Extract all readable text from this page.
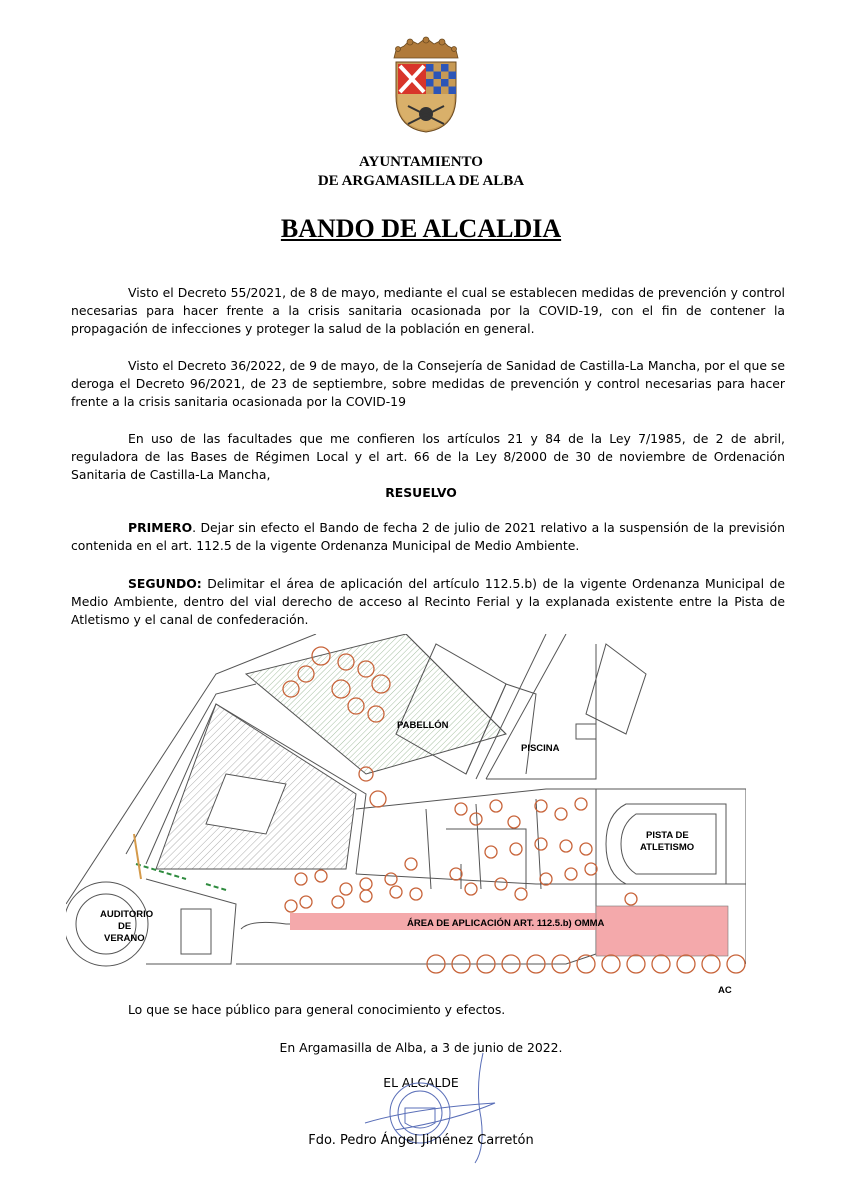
AYUNTAMIENTO
DE ARGAMASILLA DE ALBA
BANDO DE ALCALDIA
Visto el Decreto 55/2021, de 8 de mayo, mediante el cual se establecen medidas de prevención y control necesarias para hacer frente a la crisis sanitaria ocasionada por la COVID-19, con el fin de contener la propagación de infecciones y proteger la salud de la población en general.
Visto el Decreto 36/2022, de 9 de mayo, de la Consejería de Sanidad de Castilla-La Mancha, por el que se deroga el Decreto 96/2021, de 23 de septiembre, sobre medidas de prevención y control necesarias para hacer frente a la crisis sanitaria ocasionada por la COVID-19
En uso de las facultades que me confieren los artículos 21 y 84 de la Ley 7/1985, de 2 de abril, reguladora de las Bases de Régimen Local y el art. 66 de la Ley 8/2000 de 30 de noviembre de Ordenación Sanitaria de Castilla-La Mancha,
RESUELVO
PRIMERO. Dejar sin efecto el Bando de fecha 2 de julio de 2021 relativo a la suspensión de la previsión contenida en el art. 112.5 de la vigente Ordenanza Municipal de Medio Ambiente.
SEGUNDO: Delimitar el área de aplicación del artículo 112.5.b) de la vigente Ordenanza Municipal de Medio Ambiente, dentro del vial derecho de acceso al Recinto Ferial y la explanada existente entre la Pista de Atletismo y el canal de confederación.
PABELLÓN
PISCINA
PISTA DE
ATLETISMO
AUDITORIO
DE
VERANO
ÁREA DE APLICACIÓN ART. 112.5.b) OMMA
AC
Lo que se hace público para general conocimiento y efectos.
En Argamasilla de Alba, a 3 de junio de 2022.
EL ALCALDE
Fdo. Pedro Ángel Jiménez Carretón
